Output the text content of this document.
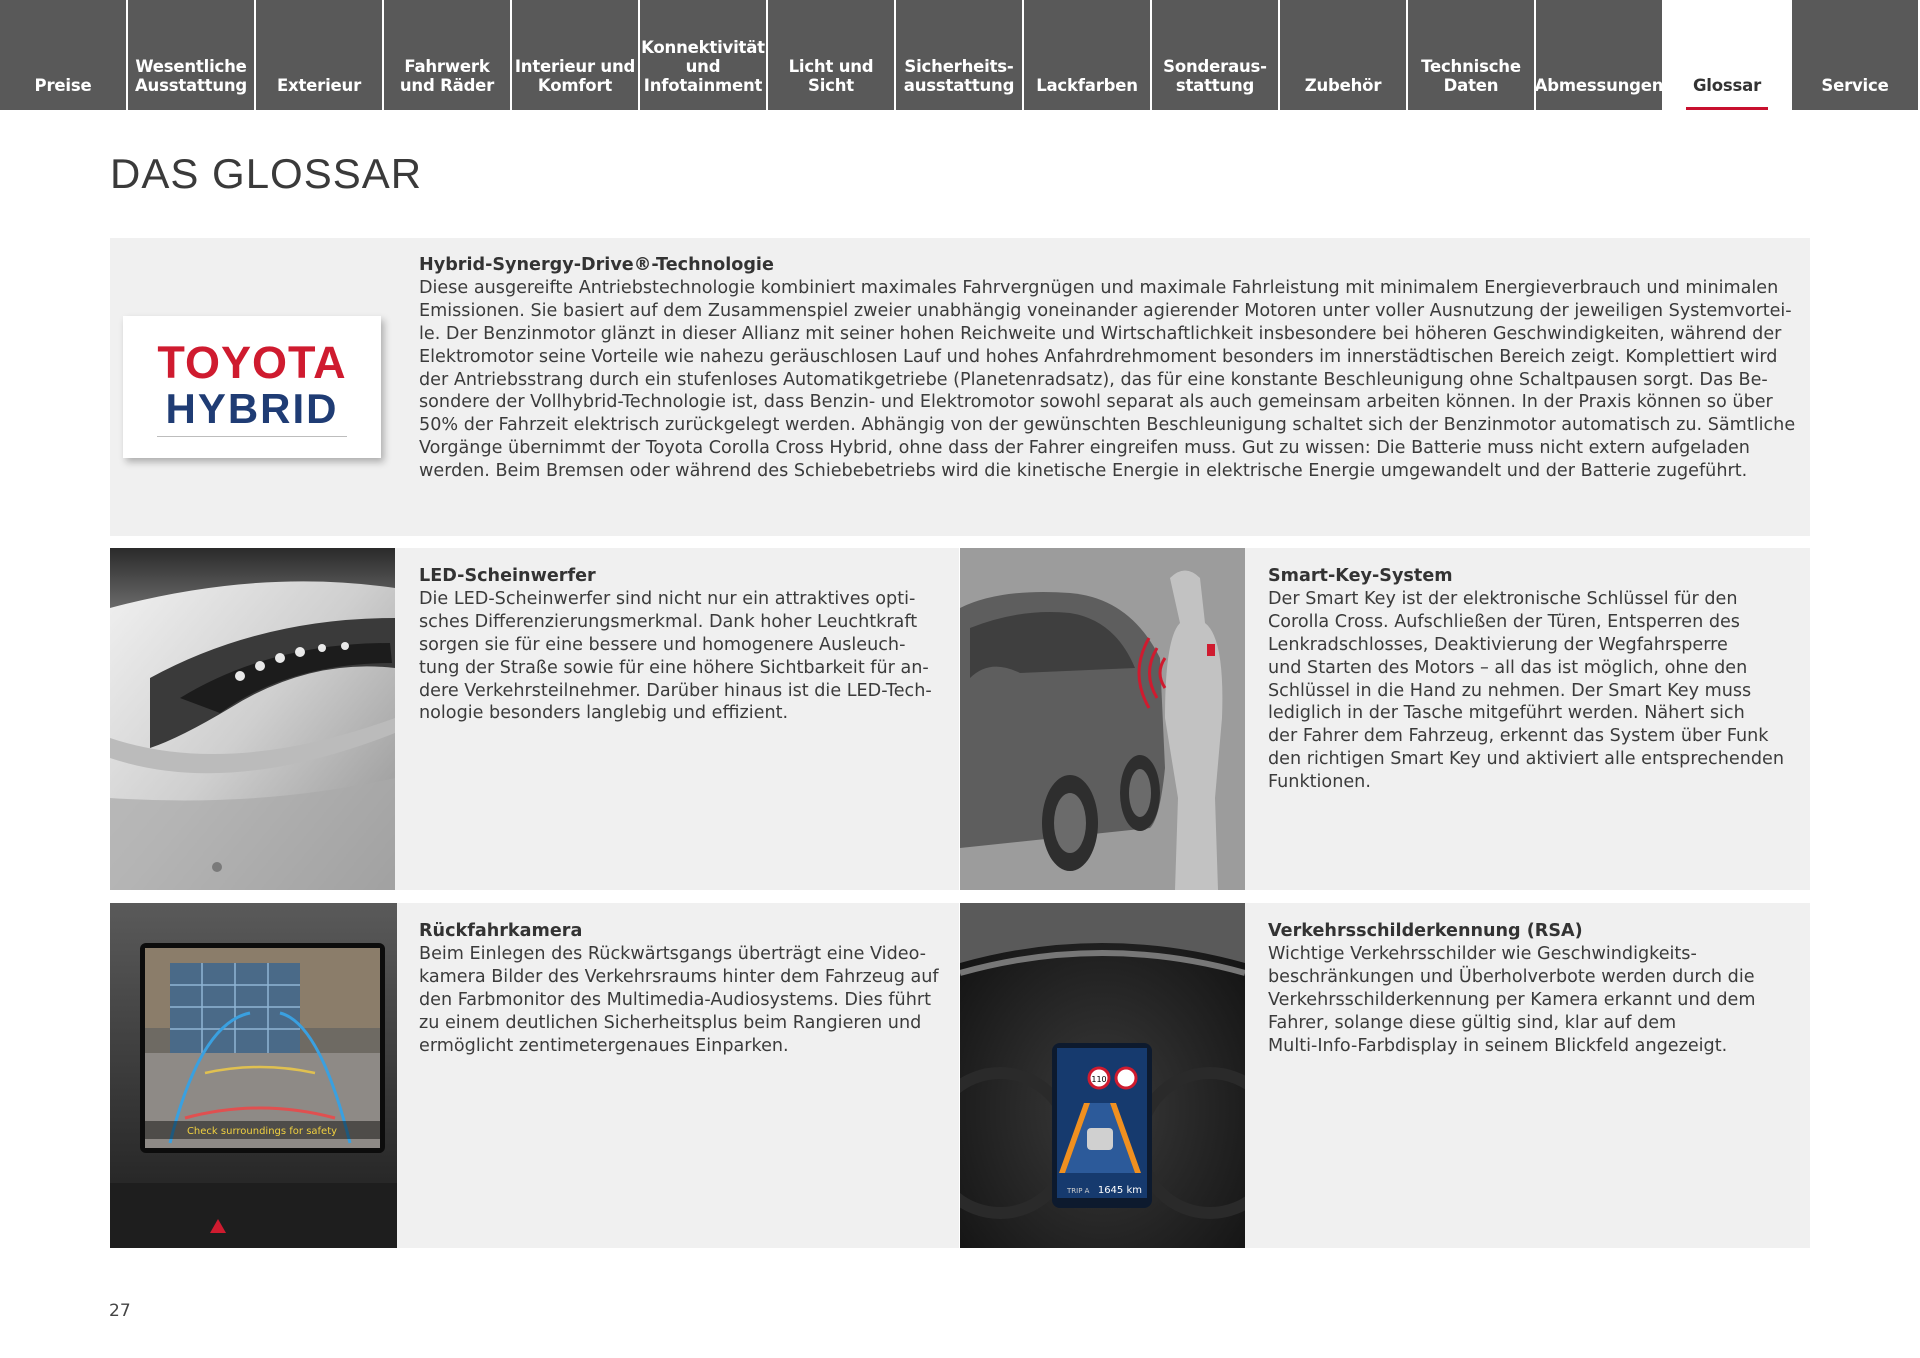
Preise
Wesentliche
Ausstattung	Exterieur
Fahrwerk
und Räder
Interieur und
Komfort
Konnektivität
und
Infotainment
Licht und Sicht
Sicherheits-
ausstattung	Lackfarben
Sonderaus-
stattung	Zubehör
Technische
Daten	Abmessungen	Glossar	Service
DAS GLOSSAR
TOYOTA
HYBRID
Hybrid-Synergy-Drive®-Technologie

Diese ausgereifte Antriebstechnologie kombiniert maximales Fahrvergnügen und maximale Fahrleistung mit minimalem Energieverbrauch und minimalen
Emissionen. Sie basiert auf dem Zusammenspiel zweier unabhängig voneinander agierender Motoren unter voller Ausnutzung der jeweiligen Systemvortei-
le. Der Benzinmotor glänzt in dieser Allianz mit seiner hohen Reichweite und Wirtschaftlichkeit insbesondere bei höheren Geschwindigkeiten, während der
Elektromotor seine Vorteile wie nahezu geräuschlosen Lauf und hohes Anfahrdrehmoment besonders im innerstädtischen Bereich zeigt. Komplettiert wird
der Antriebsstrang durch ein stufenloses Automatikgetriebe (Planetenradsatz), das für eine konstante Beschleunigung ohne Schaltpausen sorgt. Das Be-
sondere der Vollhybrid-Technologie ist, dass Benzin- und Elektromotor sowohl separat als auch gemeinsam arbeiten können. In der Praxis können so über
50% der Fahrzeit elektrisch zurückgelegt werden. Abhängig von der gewünschten Beschleunigung schaltet sich der Benzinmotor automatisch zu. Sämtliche
Vorgänge übernimmt der Toyota Corolla Cross Hybrid, ohne dass der Fahrer eingreifen muss. Gut zu wissen: Die Batterie muss nicht extern aufgeladen
werden. Beim Bremsen oder während des Schiebebetriebs wird die kinetische Energie in elektrische Energie umgewandelt und der Batterie zugeführt.

LED-Scheinwerfer

Die LED-Scheinwerfer sind nicht nur ein attraktives opti-
sches Differenzierungsmerkmal. Dank hoher Leuchtkraft
sorgen sie für eine bessere und homogenere Ausleuch-
tung der Straße sowie für eine höhere Sichtbarkeit für an-
dere Verkehrsteilnehmer. Darüber hinaus ist die LED-Tech-
nologie besonders langlebig und effizient.

Smart-Key-System

Der Smart Key ist der elektronische Schlüssel für den
Corolla Cross. Aufschließen der Türen, Entsperren des
Lenkradschlosses, Deaktivierung der Wegfahrsperre
und Starten des Motors – all das ist möglich, ohne den
Schlüssel in die Hand zu nehmen. Der Smart Key muss
lediglich in der Tasche mitgeführt werden. Nähert sich
der Fahrer dem Fahrzeug, erkennt das System über Funk
den richtigen Smart Key und aktiviert alle entsprechenden
Funktionen.

Check surroundings for safety
Rückfahrkamera

Beim Einlegen des Rückwärtsgangs überträgt eine Video-
kamera Bilder des Verkehrsraums hinter dem Fahrzeug auf
den Farbmonitor des Multimedia-Audiosystems. Dies führt
zu einem deutlichen Sicherheitsplus beim Rangieren und
ermöglicht zentimetergenaues Einparken.

110
TRIP A 1645 km
Verkehrsschilderkennung (RSA)

Wichtige Verkehrsschilder wie Geschwindigkeits-
beschränkungen und Überholverbote werden durch die
Verkehrsschilderkennung per Kamera erkannt und dem
Fahrer, solange diese gültig sind, klar auf dem
Multi-Info-Farbdisplay in seinem Blickfeld angezeigt.

27
